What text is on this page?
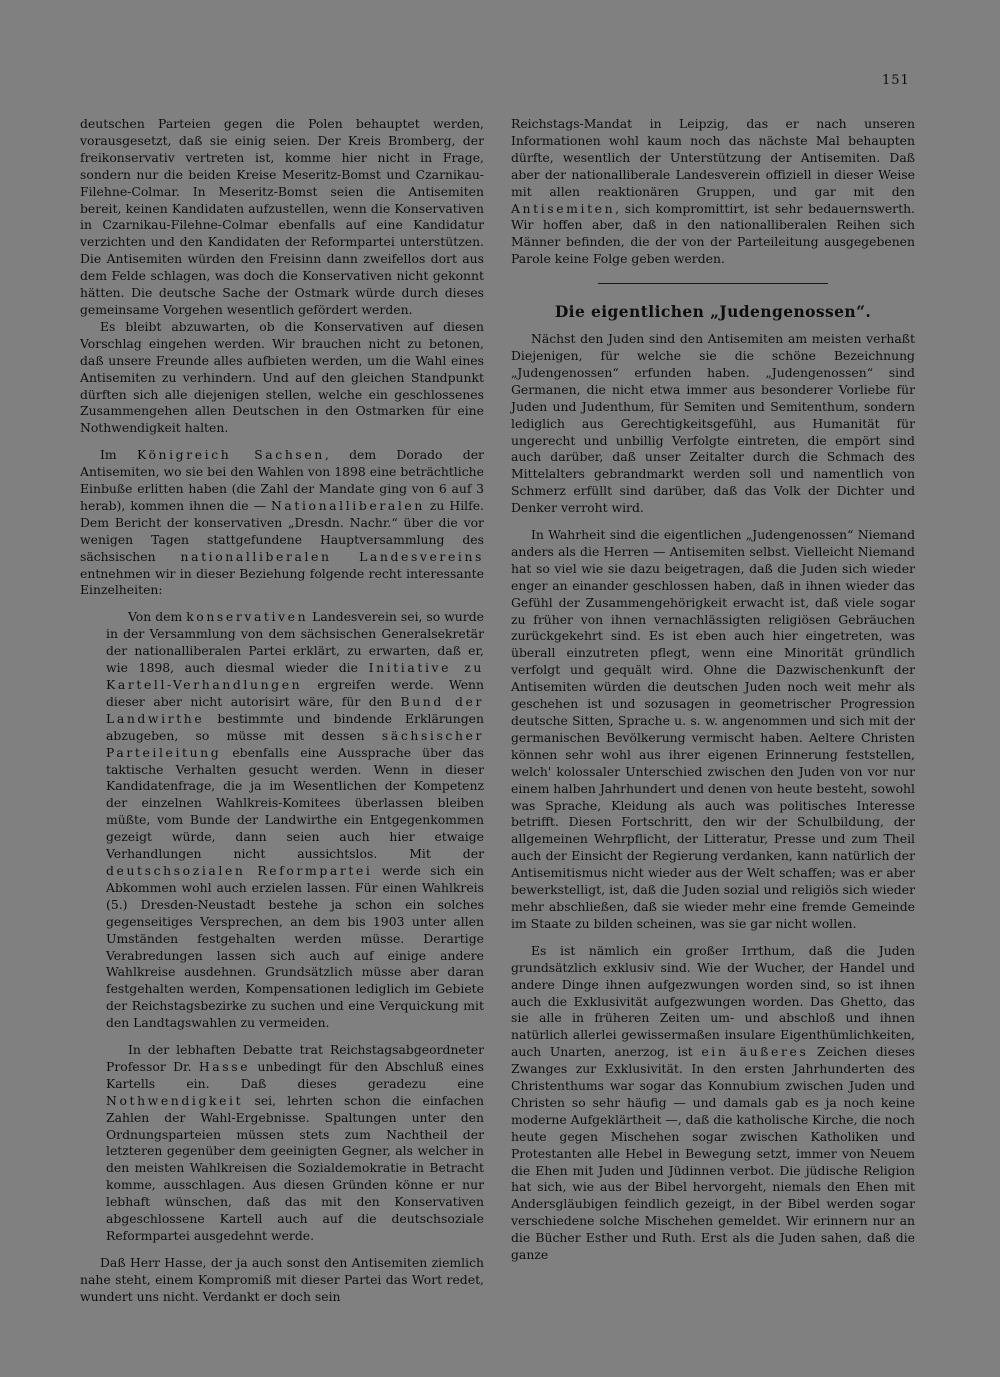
151

deutschen Parteien gegen die Polen behauptet werden, vorausgesetzt, daß sie einig seien. Der Kreis Bromberg, der freikonservativ vertreten ist, komme hier nicht in Frage, sondern nur die beiden Kreise Meseritz-Bomst und Czarnikau-Filehne-Colmar. In Meseritz-Bomst seien die Antisemiten bereit, keinen Kandidaten aufzustellen, wenn die Konservativen in Czarnikau-Filehne-Colmar ebenfalls auf eine Kandidatur verzichten und den Kandidaten der Reformpartei unterstützen. Die Antisemiten würden den Freisinn dann zweifellos dort aus dem Felde schlagen, was doch die Konservativen nicht gekonnt hätten. Die deutsche Sache der Ostmark würde durch dieses gemeinsame Vorgehen wesentlich gefördert werden.

Es bleibt abzuwarten, ob die Konservativen auf diesen Vorschlag eingehen werden. Wir brauchen nicht zu betonen, daß unsere Freunde alles aufbieten werden, um die Wahl eines Antisemiten zu verhindern. Und auf den gleichen Standpunkt dürften sich alle diejenigen stellen, welche ein geschlossenes Zusammengehen allen Deutschen in den Ostmarken für eine Nothwendigkeit halten.

Im Königreich Sachsen, dem Dorado der Antisemiten, wo sie bei den Wahlen von 1898 eine beträchtliche Einbuße erlitten haben (die Zahl der Mandate ging von 6 auf 3 herab), kommen ihnen die — Nationalliberalen zu Hilfe. Dem Bericht der konservativen „Dresdn. Nachr.“ über die vor wenigen Tagen stattgefundene Hauptversammlung des sächsischen nationalliberalen Landesvereins entnehmen wir in dieser Beziehung folgende recht interessante Einzelheiten:

Von dem konservativen Landesverein sei, so wurde in der Versammlung von dem sächsischen Generalsekretär der nationalliberalen Partei erklärt, zu erwarten, daß er, wie 1898, auch diesmal wieder die Initiative zu Kartell-Verhandlungen ergreifen werde. Wenn dieser aber nicht autorisirt wäre, für den Bund der Landwirthe bestimmte und bindende Erklärungen abzugeben, so müsse mit dessen sächsischer Parteileitung ebenfalls eine Aussprache über das taktische Verhalten gesucht werden. Wenn in dieser Kandidatenfrage, die ja im Wesentlichen der Kompetenz der einzelnen Wahlkreis-Komitees überlassen bleiben müßte, vom Bunde der Landwirthe ein Entgegenkommen gezeigt würde, dann seien auch hier etwaige Verhandlungen nicht aussichtslos. Mit der deutschsozialen Reformpartei werde sich ein Abkommen wohl auch erzielen lassen. Für einen Wahlkreis (5.) Dresden-Neustadt bestehe ja schon ein solches gegenseitiges Versprechen, an dem bis 1903 unter allen Umständen festgehalten werden müsse. Derartige Verabredungen lassen sich auch auf einige andere Wahlkreise ausdehnen. Grundsätzlich müsse aber daran festgehalten werden, Kompensationen lediglich im Gebiete der Reichstagsbezirke zu suchen und eine Verquickung mit den Landtagswahlen zu vermeiden.

In der lebhaften Debatte trat Reichstagsabgeordneter Professor Dr. Hasse unbedingt für den Abschluß eines Kartells ein. Daß dieses geradezu eine Nothwendigkeit sei, lehrten schon die einfachen Zahlen der Wahl-Ergebnisse. Spaltungen unter den Ordnungsparteien müssen stets zum Nachtheil der letzteren gegenüber dem geeinigten Gegner, als welcher in den meisten Wahlkreisen die Sozialdemokratie in Betracht komme, ausschlagen. Aus diesen Gründen könne er nur lebhaft wünschen, daß das mit den Konservativen abgeschlossene Kartell auch auf die deutschsoziale Reformpartei ausgedehnt werde.

Daß Herr Hasse, der ja auch sonst den Antisemiten ziemlich nahe steht, einem Kompromiß mit dieser Partei das Wort redet, wundert uns nicht. Verdankt er doch sein

Reichstags-Mandat in Leipzig, das er nach unseren Informationen wohl kaum noch das nächste Mal behaupten dürfte, wesentlich der Unterstützung der Antisemiten. Daß aber der nationalliberale Landesverein offiziell in dieser Weise mit allen reaktionären Gruppen, und gar mit den Antisemiten, sich kompromittirt, ist sehr bedauernswerth. Wir hoffen aber, daß in den nationalliberalen Reihen sich Männer befinden, die der von der Parteileitung ausgegebenen Parole keine Folge geben werden.

Die eigentlichen „Judengenossen“.

Nächst den Juden sind den Antisemiten am meisten verhaßt Diejenigen, für welche sie die schöne Bezeichnung „Judengenossen“ erfunden haben. „Judengenossen“ sind Germanen, die nicht etwa immer aus besonderer Vorliebe für Juden und Judenthum, für Semiten und Semitenthum, sondern lediglich aus Gerechtigkeitsgefühl, aus Humanität für ungerecht und unbillig Verfolgte eintreten, die empört sind auch darüber, daß unser Zeitalter durch die Schmach des Mittelalters gebrandmarkt werden soll und namentlich von Schmerz erfüllt sind darüber, daß das Volk der Dichter und Denker verroht wird.

In Wahrheit sind die eigentlichen „Judengenossen“ Niemand anders als die Herren — Antisemiten selbst. Vielleicht Niemand hat so viel wie sie dazu beigetragen, daß die Juden sich wieder enger an einander geschlossen haben, daß in ihnen wieder das Gefühl der Zusammengehörigkeit erwacht ist, daß viele sogar zu früher von ihnen vernachlässigten religiösen Gebräuchen zurückgekehrt sind. Es ist eben auch hier eingetreten, was überall einzutreten pflegt, wenn eine Minorität gründlich verfolgt und gequält wird. Ohne die Dazwischenkunft der Antisemiten würden die deutschen Juden noch weit mehr als geschehen ist und sozusagen in geometrischer Progression deutsche Sitten, Sprache u. s. w. angenommen und sich mit der germanischen Bevölkerung vermischt haben. Aeltere Christen können sehr wohl aus ihrer eigenen Erinnerung feststellen, welch' kolossaler Unterschied zwischen den Juden von vor nur einem halben Jahrhundert und denen von heute besteht, sowohl was Sprache, Kleidung als auch was politisches Interesse betrifft. Diesen Fortschritt, den wir der Schulbildung, der allgemeinen Wehrpflicht, der Litteratur, Presse und zum Theil auch der Einsicht der Regierung verdanken, kann natürlich der Antisemitismus nicht wieder aus der Welt schaffen; was er aber bewerkstelligt, ist, daß die Juden sozial und religiös sich wieder mehr abschließen, daß sie wieder mehr eine fremde Gemeinde im Staate zu bilden scheinen, was sie gar nicht wollen.

Es ist nämlich ein großer Irrthum, daß die Juden grundsätzlich exklusiv sind. Wie der Wucher, der Handel und andere Dinge ihnen aufgezwungen worden sind, so ist ihnen auch die Exklusivität aufgezwungen worden. Das Ghetto, das sie alle in früheren Zeiten um- und abschloß und ihnen natürlich allerlei gewissermaßen insulare Eigenthümlichkeiten, auch Unarten, anerzog, ist ein äußeres Zeichen dieses Zwanges zur Exklusivität. In den ersten Jahrhunderten des Christenthums war sogar das Konnubium zwischen Juden und Christen so sehr häufig — und damals gab es ja noch keine moderne Aufgeklärtheit —, daß die katholische Kirche, die noch heute gegen Mischehen sogar zwischen Katholiken und Protestanten alle Hebel in Bewegung setzt, immer von Neuem die Ehen mit Juden und Jüdinnen verbot. Die jüdische Religion hat sich, wie aus der Bibel hervorgeht, niemals den Ehen mit Andersgläubigen feindlich gezeigt, in der Bibel werden sogar verschiedene solche Mischehen gemeldet. Wir erinnern nur an die Bücher Esther und Ruth. Erst als die Juden sahen, daß die ganze
